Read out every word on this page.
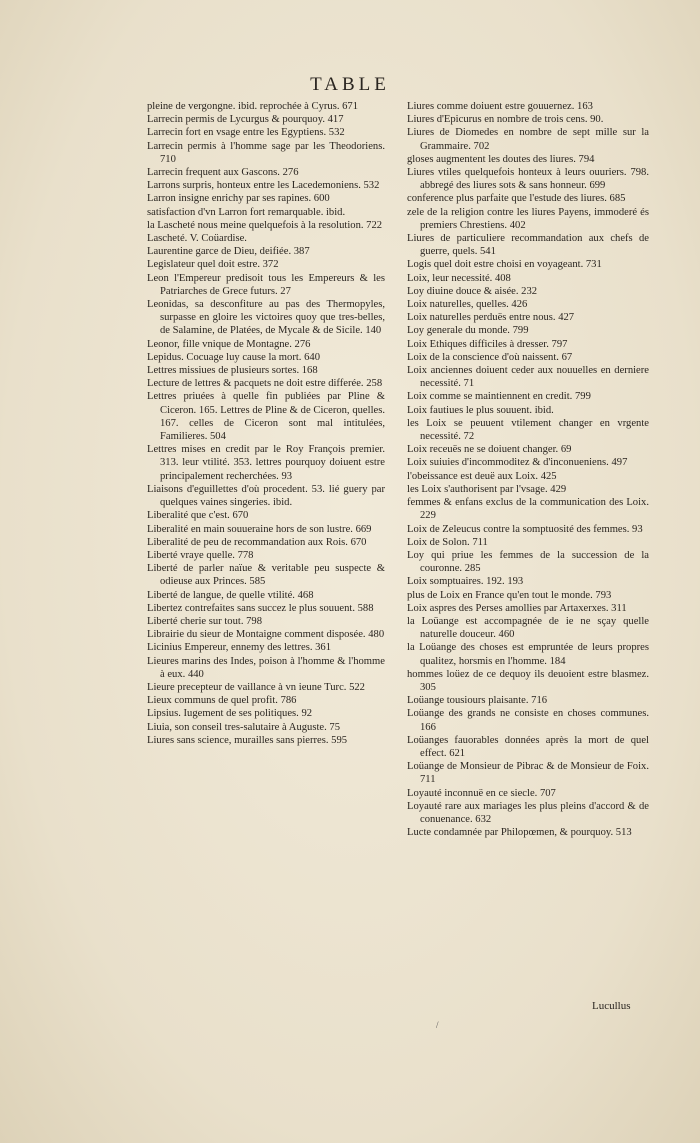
TABLE

pleine de vergongne. ibid. reprochée à Cyrus. 671

Larrecin permis de Lycurgus & pourquoy. 417

Larrecin fort en vsage entre les Egyptiens. 532

Larrecin permis à l'homme sage par les Theodoriens. 710

Larrecin frequent aux Gascons. 276

Larrons surpris, honteux entre les Lacedemoniens. 532

Larron insigne enrichy par ses rapines. 600

satisfaction d'vn Larron fort remarquable. ibid.

la Lascheté nous meine quelquefois à la resolution. 722

Lascheté. V. Coüardise.

Laurentine garce de Dieu, deifiée. 387

Legislateur quel doit estre. 372

Leon l'Empereur predisoit tous les Empereurs & les Patriarches de Grece futurs. 27

Leonidas, sa desconfiture au pas des Thermopyles, surpasse en gloire les victoires quoy que tres-belles, de Salamine, de Platées, de Mycale & de Sicile. 140

Leonor, fille vnique de Montagne. 276

Lepidus. Cocuage luy cause la mort. 640

Lettres missiues de plusieurs sortes. 168

Lecture de lettres & pacquets ne doit estre differée. 258

Lettres priuées à quelle fin publiées par Pline & Ciceron. 165. Lettres de Pline & de Ciceron, quelles. 167. celles de Ciceron sont mal intitulées, Familieres. 504

Lettres mises en credit par le Roy François premier. 313. leur vtilité. 353. lettres pourquoy doiuent estre principalement recherchées. 93

Liaisons d'eguillettes d'où procedent. 53. lié guery par quelques vaines singeries. ibid.

Liberalité que c'est. 670

Liberalité en main souueraine hors de son lustre. 669

Liberalité de peu de recommandation aux Rois. 670

Liberté vraye quelle. 778

Liberté de parler naïue & veritable peu suspecte & odieuse aux Princes. 585

Liberté de langue, de quelle vtilité. 468

Libertez contrefaites sans succez le plus souuent. 588

Liberté cherie sur tout. 798

Librairie du sieur de Montaigne comment disposée. 480

Licinius Empereur, ennemy des lettres. 361

Lieures marins des Indes, poison à l'homme & l'homme à eux. 440

Lieure precepteur de vaillance à vn ieune Turc. 522

Lieux communs de quel profit. 786

Lipsius. Iugement de ses politiques. 92

Liuia, son conseil tres-salutaire à Auguste. 75

Liures sans science, murailles sans pierres. 595

Liures comme doiuent estre gouuernez. 163

Liures d'Epicurus en nombre de trois cens. 90.

Liures de Diomedes en nombre de sept mille sur la Grammaire. 702

gloses augmentent les doutes des liures. 794

Liures vtiles quelquefois honteux à leurs ouuriers. 798. abbregé des liures sots & sans honneur. 699

conference plus parfaite que l'estude des liures. 685

zele de la religion contre les liures Payens, immoderé és premiers Chrestiens. 402

Liures de particuliere recommandation aux chefs de guerre, quels. 541

Logis quel doit estre choisi en voyageant. 731

Loix, leur necessité. 408

Loy diuine douce & aisée. 232

Loix naturelles, quelles. 426

Loix naturelles perduës entre nous. 427

Loy generale du monde. 799

Loix Ethiques difficiles à dresser. 797

Loix de la conscience d'où naissent. 67

Loix anciennes doiuent ceder aux nouuelles en derniere necessité. 71

Loix comme se maintiennent en credit. 799

Loix fautiues le plus souuent. ibid.

les Loix se peuuent vtilement changer en vrgente necessité. 72

Loix receuës ne se doiuent changer. 69

Loix suiuies d'incommoditez & d'inconueniens. 497

l'obeissance est deuë aux Loix. 425

les Loix s'authorisent par l'vsage. 429

femmes & enfans exclus de la communication des Loix. 229

Loix de Zeleucus contre la somptuosité des femmes. 93

Loix de Solon. 711

Loy qui priue les femmes de la succession de la couronne. 285

Loix somptuaires. 192. 193

plus de Loix en France qu'en tout le monde. 793

Loix aspres des Perses amollies par Artaxerxes. 311

la Loüange est accompagnée de ie ne sçay quelle naturelle douceur. 460

la Loüange des choses est empruntée de leurs propres qualitez, horsmis en l'homme. 184

hommes loüez de ce dequoy ils deuoient estre blasmez. 305

Loüange tousiours plaisante. 716

Loüange des grands ne consiste en choses communes. 166

Loüanges fauorables données après la mort de quel effect. 621

Loüange de Monsieur de Pibrac & de Monsieur de Foix. 711

Loyauté inconnuë en ce siecle. 707

Loyauté rare aux mariages les plus pleins d'accord & de conuenance. 632

Lucte condamnée par Philopœmen, & pourquoy. 513

Lucullus
/
